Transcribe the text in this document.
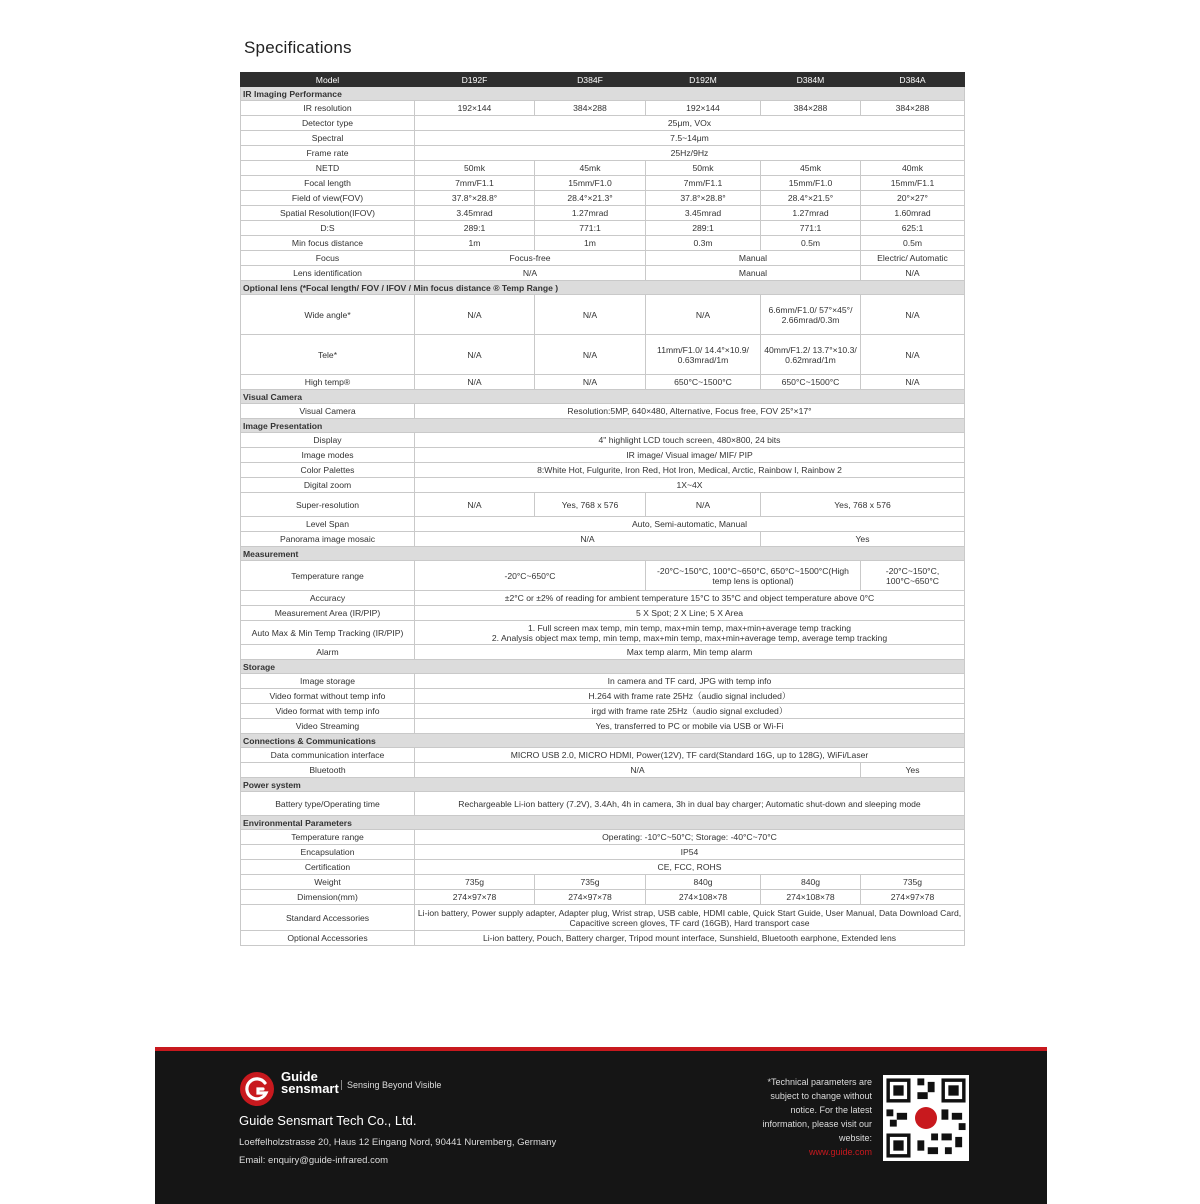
Specifications
Model	D192F	D384F	D192M	D384M	D384A
IR Imaging Performance					
IR resolution	192×144	384×288	192×144	384×288	384×288
Detector type	25μm, VOx				
Spectral	7.5~14μm				
Frame rate	25Hz/9Hz				
NETD	50mk	45mk	50mk	45mk	40mk
Focal length	7mm/F1.1	15mm/F1.0	7mm/F1.1	15mm/F1.0	15mm/F1.1
Field of view(FOV)	37.8°×28.8°	28.4°×21.3°	37.8°×28.8°	28.4°×21.5°	20°×27°
Spatial Resolution(IFOV)	3.45mrad	1.27mrad	3.45mrad	1.27mrad	1.60mrad
D:S	289:1	771:1	289:1	771:1	625:1
Min focus distance	1m	1m	0.3m	0.5m	0.5m
Focus	Focus-free		Manual		Electric/ Automatic
Lens identification	N/A		Manual		N/A
Optional lens (*Focal length/ FOV / IFOV / Min focus distance ® Temp Range )					
Wide angle*	N/A	N/A	N/A	6.6mm/F1.0/ 57°×45°/ 2.66mrad/0.3m	N/A
Tele*	N/A	N/A	11mm/F1.0/ 14.4°×10.9/ 0.63mrad/1m	40mm/F1.2/ 13.7°×10.3/ 0.62mrad/1m	N/A
High temp®	N/A	N/A	650°C~1500°C	650°C~1500°C	N/A
Visual Camera					
Visual Camera	Resolution:5MP, 640×480, Alternative, Focus free, FOV 25°×17°				
Image Presentation					
Display	4" highlight LCD touch screen, 480×800, 24 bits				
Image modes	IR image/ Visual image/ MIF/ PIP				
Color Palettes	8:White Hot, Fulgurite, Iron Red, Hot Iron, Medical, Arctic, Rainbow I, Rainbow 2				
Digital zoom	1X~4X				
Super-resolution	N/A	Yes, 768 x 576	N/A	Yes, 768 x 576	
Level Span	Auto, Semi-automatic, Manual				
Panorama image mosaic	N/A			Yes	
Measurement					
Temperature range	-20°C~650°C		-20°C~150°C, 100°C~650°C, 650°C~1500°C(High temp lens is optional)		-20°C~150°C, 100°C~650°C
Accuracy	±2°C or ±2% of reading for ambient temperature 15°C to 35°C and object temperature above 0°C				
Measurement Area (IR/PIP)	5 X Spot; 2 X Line; 5 X Area				
Auto Max & Min Temp Tracking (IR/PIP)	1. Full screen max temp, min temp, max+min temp, max+min+average temp tracking
2. Analysis object max temp, min temp, max+min temp, max+min+average temp, average temp tracking				
Alarm	Max temp alarm, Min temp alarm				
Storage					
Image storage	In camera and TF card, JPG with temp info				
Video format without temp info	H.264 with frame rate 25Hz（audio signal included）				
Video format with temp info	irgd with frame rate 25Hz（audio signal excluded）				
Video Streaming	Yes, transferred to PC or mobile via USB or Wi-Fi				
Connections & Communications					
Data communication interface	MICRO USB 2.0, MICRO HDMI, Power(12V), TF card(Standard 16G, up to 128G), WiFi/Laser				
Bluetooth	N/A				Yes
Power system					
Battery type/Operating time	Rechargeable Li-ion battery (7.2V), 3.4Ah, 4h in camera, 3h in dual bay charger; Automatic shut-down and sleeping mode				
Environmental Parameters					
Temperature range	Operating: -10°C~50°C; Storage: -40°C~70°C				
Encapsulation	IP54				
Certification	CE, FCC, ROHS				
Weight	735g	735g	840g	840g	735g
Dimension(mm)	274×97×78	274×97×78	274×108×78	274×108×78	274×97×78
Standard Accessories	Li-ion battery, Power supply adapter, Adapter plug, Wrist strap, USB cable, HDMI cable, Quick Start Guide, User Manual, Data Download Card, Capacitive screen gloves, TF card (16GB), Hard transport case				
Optional Accessories	Li-ion battery, Pouch, Battery charger, Tripod mount interface, Sunshield, Bluetooth earphone, Extended lens				
Guide
sensmart Sensing Beyond Visible
Guide Sensmart Tech Co., Ltd.
Loeffelholzstrasse 20, Haus 12 Eingang Nord, 90441 Nuremberg, Germany
Email: enquiry@guide-infrared.com
*Technical parameters are subject to change without notice. For the latest information, please visit our website:
www.guide.com
